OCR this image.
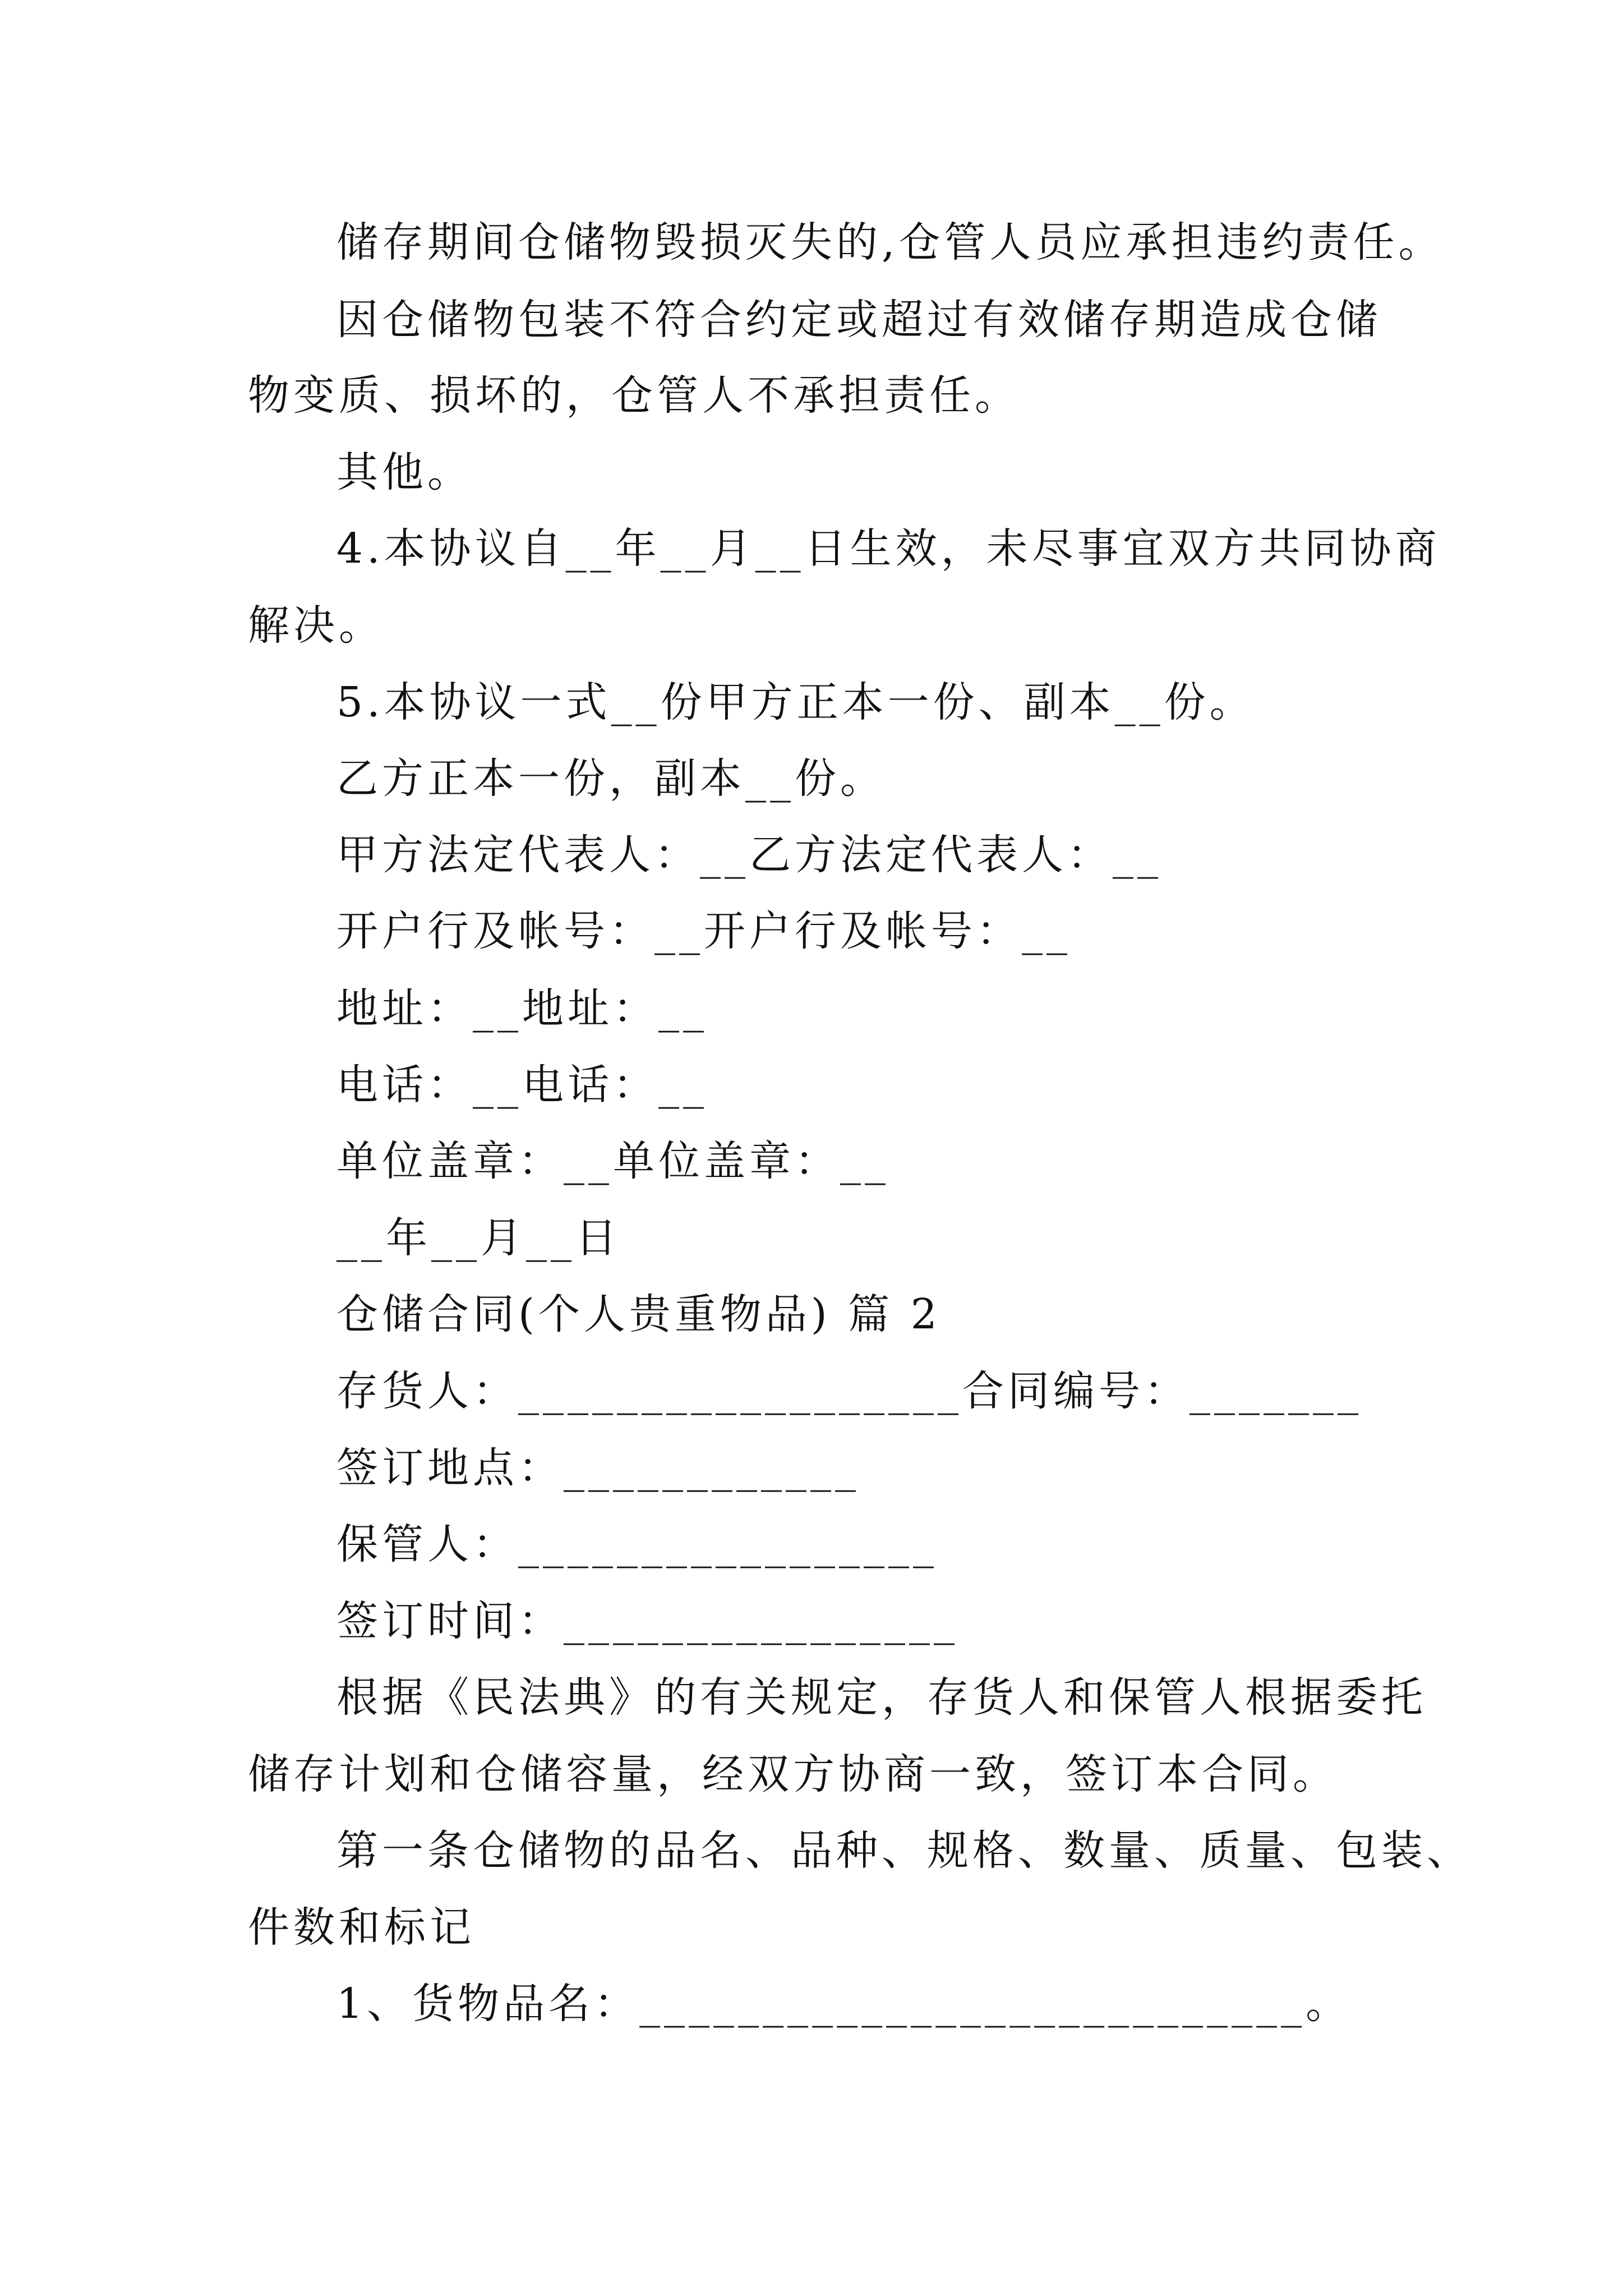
储存期间仓储物毁损灭失的,仓管人员应承担违约责任。
因仓储物包装不符合约定或超过有效储存期造成仓储
物变质、损坏的，仓管人不承担责任。
其他。
4.本协议自__年__月__日生效，未尽事宜双方共同协商
解决。
5.本协议一式__份甲方正本一份、副本__份。
乙方正本一份，副本__份。
甲方法定代表人：__乙方法定代表人：__
开户行及帐号：__开户行及帐号：__
地址：__地址：__
电话：__电话：__
单位盖章：__单位盖章：__
__年__月__日
仓储合同(个人贵重物品) 篇 2
存货人：__________________合同编号：_______
签订地点：____________
保管人：_________________
签订时间：________________
根据《民法典》的有关规定，存货人和保管人根据委托
储存计划和仓储容量，经双方协商一致，签订本合同。
第一条仓储物的品名、品种、规格、数量、质量、包装、
件数和标记
1、货物品名：___________________________。
